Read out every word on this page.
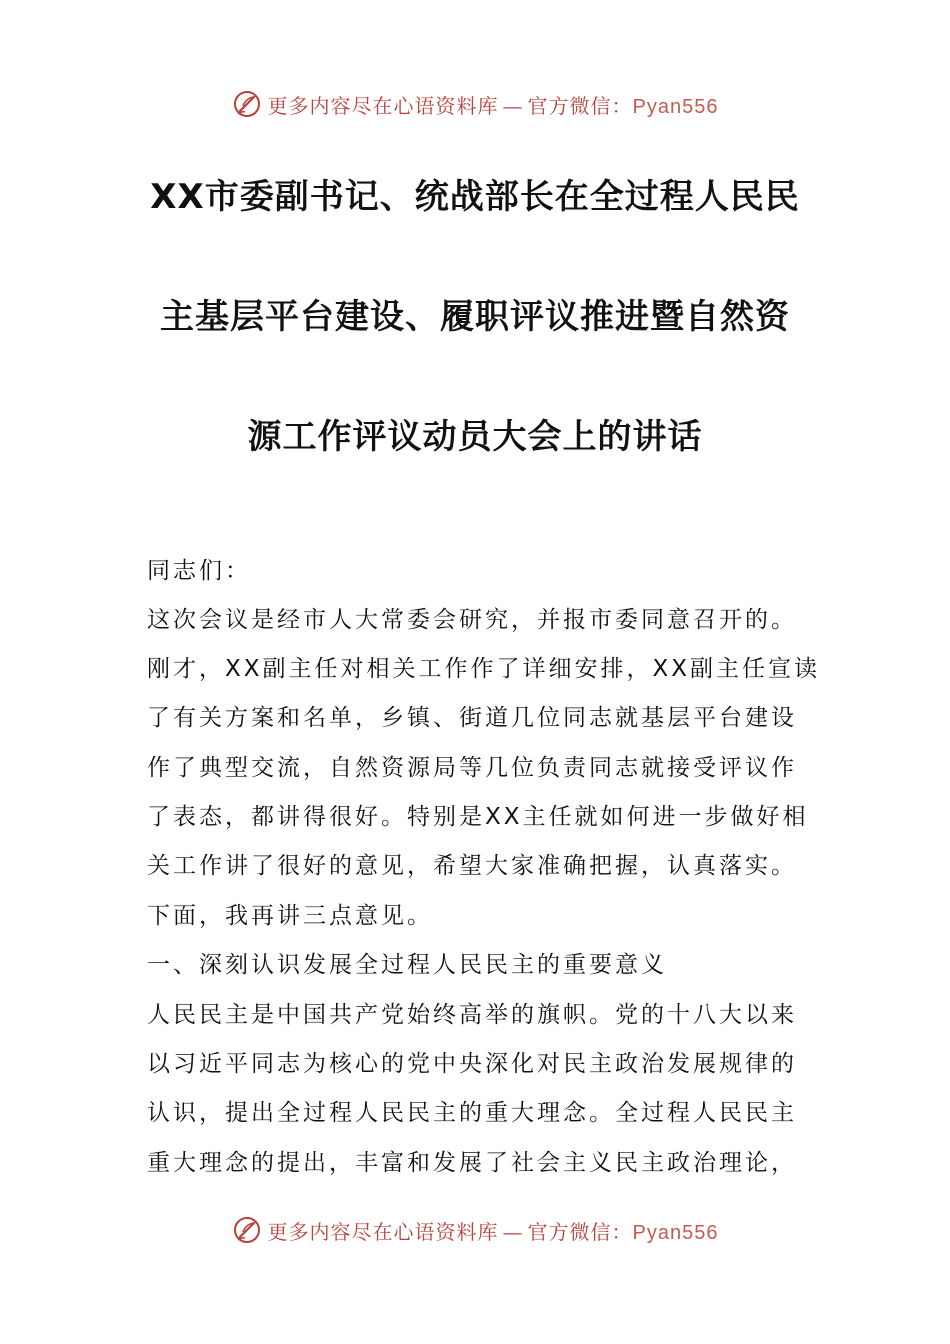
更多内容尽在心语资料库 — 官方微信：Pyan556
XX市委副书记、统战部长在全过程人民民
主基层平台建设、履职评议推进暨自然资
源工作评议动员大会上的讲话
同志们：
这次会议是经市人大常委会研究，并报市委同意召开的。
刚才，XX副主任对相关工作作了详细安排，XX副主任宣读
了有关方案和名单，乡镇、街道几位同志就基层平台建设
作了典型交流，自然资源局等几位负责同志就接受评议作
了表态，都讲得很好。特别是XX主任就如何进一步做好相
关工作讲了很好的意见，希望大家准确把握，认真落实。
下面，我再讲三点意见。
一、深刻认识发展全过程人民民主的重要意义
人民民主是中国共产党始终高举的旗帜。党的十八大以来
以习近平同志为核心的党中央深化对民主政治发展规律的
认识，提出全过程人民民主的重大理念。全过程人民民主
重大理念的提出，丰富和发展了社会主义民主政治理论，
更多内容尽在心语资料库 — 官方微信：Pyan556
